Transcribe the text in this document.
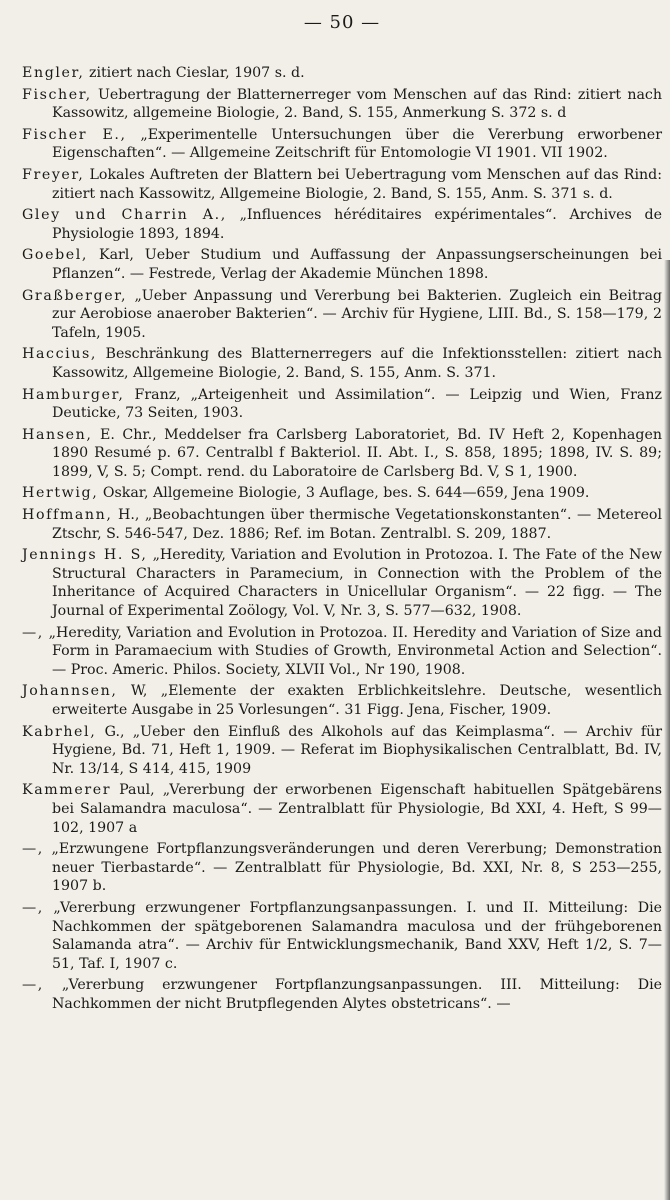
— 50 —

Engler, zitiert nach Cieslar, 1907 s. d.

Fischer, Uebertragung der Blatternerreger vom Menschen auf das Rind: zitiert nach Kassowitz, allgemeine Biologie, 2. Band, S. 155, Anmerkung S. 372 s. d

Fischer E., „Experimentelle Untersuchungen über die Vererbung erworbener Eigenschaften“. — Allgemeine Zeitschrift für Entomologie VI 1901. VII 1902.

Freyer, Lokales Auftreten der Blattern bei Uebertragung vom Menschen auf das Rind: zitiert nach Kassowitz, Allgemeine Biologie, 2. Band, S. 155, Anm. S. 371 s. d.

Gley und Charrin A., „Influences héréditaires expérimentales“. Archives de Physiologie 1893, 1894.

Goebel, Karl, Ueber Studium und Auffassung der Anpassungserscheinungen bei Pflanzen“. — Festrede, Verlag der Akademie München 1898.

Graßberger, „Ueber Anpassung und Vererbung bei Bakterien. Zugleich ein Beitrag zur Aerobiose anaerober Bakterien“. — Archiv für Hygiene, LIII. Bd., S. 158—179, 2 Tafeln, 1905.

Haccius, Beschränkung des Blatternerregers auf die Infektionsstellen: zitiert nach Kassowitz, Allgemeine Biologie, 2. Band, S. 155, Anm. S. 371.

Hamburger, Franz, „Arteigenheit und Assimilation“. — Leipzig und Wien, Franz Deuticke, 73 Seiten, 1903.

Hansen, E. Chr., Meddelser fra Carlsberg Laboratoriet, Bd. IV Heft 2, Kopenhagen 1890 Resumé p. 67. Centralbl f Bakteriol. II. Abt. I., S. 858, 1895; 1898, IV. S. 89; 1899, V, S. 5; Compt. rend. du Laboratoire de Carlsberg Bd. V, S 1, 1900.

Hertwig, Oskar, Allgemeine Biologie, 3 Auflage, bes. S. 644—659, Jena 1909.

Hoffmann, H., „Beobachtungen über thermische Vegetationskonstanten“. — Metereol Ztschr, S. 546-547, Dez. 1886; Ref. im Botan. Zentralbl. S. 209, 1887.

Jennings H. S, „Heredity, Variation and Evolution in Protozoa. I. The Fate of the New Structural Characters in Paramecium, in Connection with the Problem of the Inheritance of Acquired Characters in Unicellular Organism“. — 22 figg. — The Journal of Experimental Zoölogy, Vol. V, Nr. 3, S. 577—632, 1908.

—, „Heredity, Variation and Evolution in Protozoa. II. Heredity and Variation of Size and Form in Paramaecium with Studies of Growth, Environmetal Action and Selection“. — Proc. Americ. Philos. Society, XLVII Vol., Nr 190, 1908.

Johannsen, W, „Elemente der exakten Erblichkeitslehre. Deutsche, wesentlich erweiterte Ausgabe in 25 Vorlesungen“. 31 Figg. Jena, Fischer, 1909.

Kabrhel, G., „Ueber den Einfluß des Alkohols auf das Keimplasma“. — Archiv für Hygiene, Bd. 71, Heft 1, 1909. — Referat im Biophysikalischen Centralblatt, Bd. IV, Nr. 13/14, S 414, 415, 1909

Kammerer Paul, „Vererbung der erworbenen Eigenschaft habituellen Spätgebärens bei Salamandra maculosa“. — Zentralblatt für Physiologie, Bd XXI, 4. Heft, S 99—102, 1907 a

—, „Erzwungene Fortpflanzungsveränderungen und deren Vererbung; Demonstration neuer Tierbastarde“. — Zentralblatt für Physiologie, Bd. XXI, Nr. 8, S 253—255, 1907 b.

—, „Vererbung erzwungener Fortpflanzungsanpassungen. I. und II. Mitteilung: Die Nachkommen der spätgeborenen Salamandra maculosa und der frühgeborenen Salamanda atra“. — Archiv für Entwicklungsmechanik, Band XXV, Heft 1/2, S. 7—51, Taf. I, 1907 c.

—, „Vererbung erzwungener Fortpflanzungsanpassungen. III. Mitteilung: Die Nachkommen der nicht Brutpflegenden Alytes obstetricans“. —
